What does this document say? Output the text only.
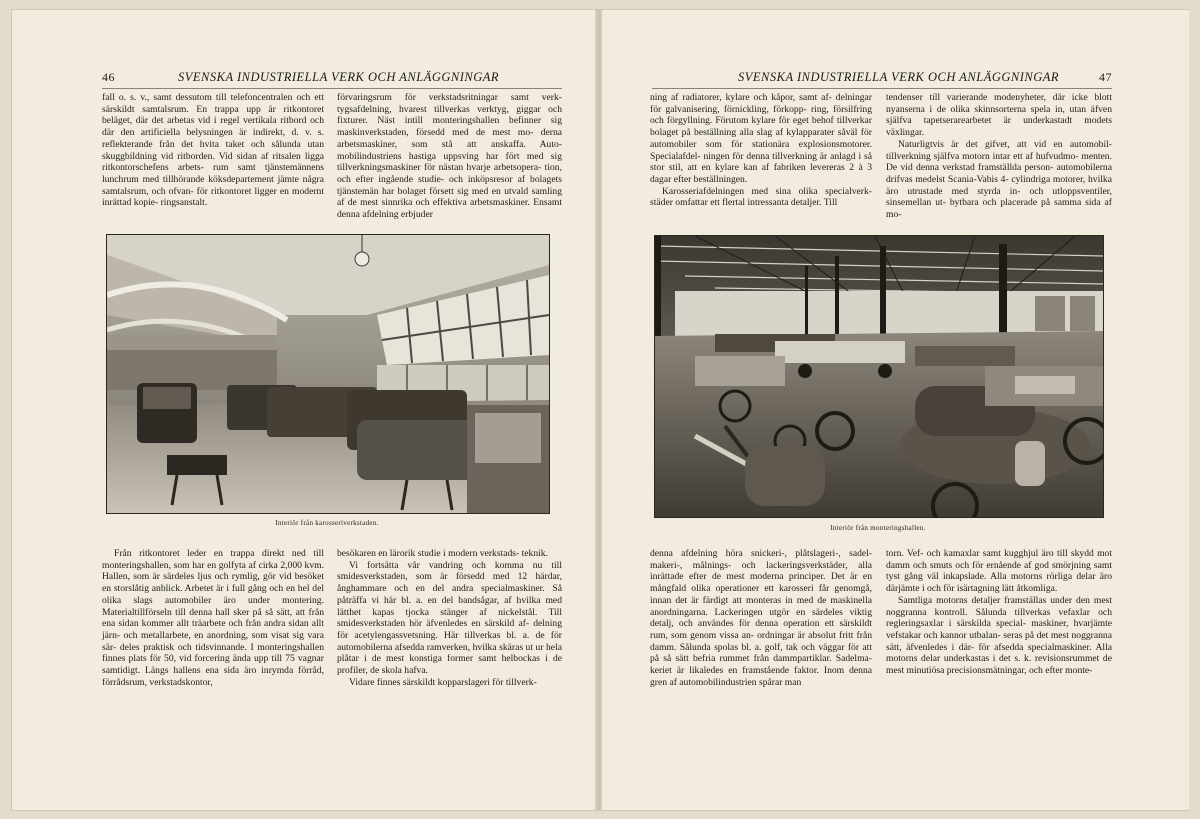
46	SVENSKA INDUSTRIELLA VERK OCH ANLÄGGNINGAR

fall o. s. v., samt dessutom till telefoncentralen och ett särskildt samtalsrum. En trappa upp är ritkontoret beläget, där det arbetas vid i regel vertikala ritbord och där den artificiella belysningen är indirekt, d. v. s. reflekterande från det hvita taket och sålunda utan skuggbildning vid ritborden. Vid sidan af ritsalen ligga ritkontorschefens arbets- rum samt tjänstemännens lunchrum med tillhörande köksdepartement jämte några samtalsrum, och ofvan- för ritkontoret ligger en modernt inrättad kopie- ringsanstalt.

förvaringsrum för verkstadsritningar samt verk- tygsafdelning, hvarest tillverkas verktyg, giggar och fixturer. Näst intill monteringshallen befinner sig maskinverkstaden, försedd med de mest mo- derna arbetsmaskiner, som stå att anskaffa. Auto- mobilindustriens hastiga uppsving har fört med sig tillverkningsmaskiner för nästan hvarje arbetsopera- tion, och efter ingående studie- och inköpsresor af bolagets tjänstemän har bolaget försett sig med en utvald samling af de mest sinnrika och effektiva arbetsmaskiner. Ensamt denna afdelning erbjuder

Interiör från karosseriverkstaden.

Från ritkontoret leder en trappa direkt ned till monteringshallen, som har en golfyta af cirka 2,000 kvm. Hallen, som är särdeles ljus och rymlig, gör vid besöket en storslåtig anblick. Arbetet är i full gång och en hel del olika slags automobiler äro under montering. Materialtillförseln till denna hall sker på så sätt, att från ena sidan kommer allt träarbete och från andra sidan allt järn- och metallarbete, en anordning, som visat sig vara sär- deles praktisk och tidsvinnande. I monteringshallen finnes plats för 50, vid forcering ända upp till 75 vagnar samtidigt. Längs hallens ena sida äro inrymda förråd, förrådsrum, verkstadskontor,

besökaren en lärorik studie i modern verkstads- teknik.

Vi fortsätta vår vandring och komma nu till smidesverkstaden, som är försedd med 12 härdar, ånghammare och en del andra specialmaskiner. Så påträffa vi här bl. a. en del bandsågar, af hvilka med lätthet kapas tjocka stänger af nickelstål. Till smidesverkstaden hör äfvenledes en särskild af- delning för acetylengassvetsning. Här tillverkas bl. a. de för automobilerna afsedda ramverken, hvilka skäras ut ur hela plåtar i de mest konstiga former samt helbockas i de profiler, de skola hafva.

Vidare finnes särskildt kopparslageri för tillverk-

SVENSKA INDUSTRIELLA VERK OCH ANLÄGGNINGAR	47

ning af radiatorer, kylare och kåpor, samt af- delningar för galvanisering, förnickling, förkopp- ring, försilfring och förgyllning. Förutom kylare för eget behof tillverkar bolaget på beställning alla slag af kylapparater såväl för automobiler som för stationära explosionsmotorer. Specialafdel- ningen för denna tillverkning är anlagd i så stor stil, att en kylare kan af fabriken levereras 2 à 3 dagar efter beställningen.

Karosseriafdelningen med sina olika specialverk- städer omfattar ett flertal intressanta detaljer. Till

tendenser till varierande modenyheter, där icke blott nyanserna i de olika skinnsorterna spela in, utan äfven själfva tapetserarearbetet är underkastadt modets växlingar.

Naturligtvis är det gifvet, att vid en automobil- tillverkning själfva motorn intar ett af hufvudmo- menten. De vid denna verkstad framställda person- automobilerna drifvas medelst Scania-Vabis 4- cylindriga motorer, hvilka äro utrustade med styrda in- och utloppsventiler, sinsemellan ut- bytbara och placerade på samma sida af mo-

Interiör från monteringshallen.

denna afdelning höra snickeri-, plåtslageri-, sadel- makeri-, målnings- och lackeringsverkstäder, alla inrättade efter de mest moderna principer. Det är en mångfald olika operationer ett karosseri får genomgå, innan det är färdigt att monteras in med de maskinella anordningarna. Lackeringen utgör en särdeles viktig detalj, och användes för denna operation ett särskildt rum, som genom vissa an- ordningar är absolut fritt från damm. Sålunda spolas bl. a. golf, tak och väggar för att på så sätt befria rummet från dammpartiklar. Sadelma- keriet är likaledes en framstående faktor. Inom denna gren af automobilindustrien spårar man

torn. Vef- och kamaxlar samt kugghjul äro till skydd mot damm och smuts och för ernående af god smörjning samt tyst gång väl inkapslade. Alla motorns rörliga delar äro därjämte i och för isärtagning lätt åtkomliga.

Samtliga motorns detaljer framställas under den mest noggranna kontroll. Sålunda tillverkas vefaxlar och regleringsaxlar i särskilda special- maskiner, hvarjämte vefstakar och kannor utbalan- seras på det mest noggranna sätt, äfvenledes i där- för afsedda specialmaskiner. Alla motorns delar underkastas i det s. k. revisionsrummet de mest minutiösa precisionsmätningar, och efter monte-
